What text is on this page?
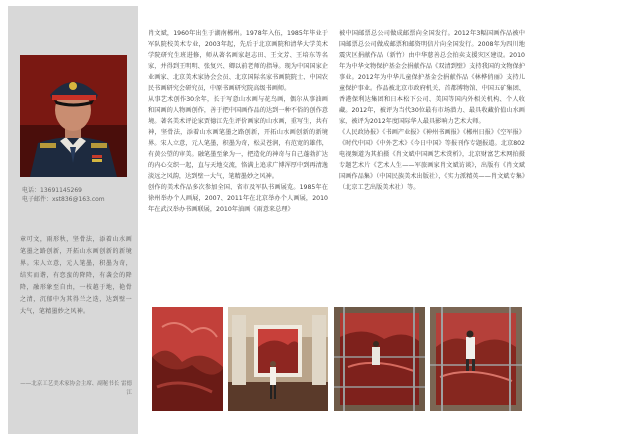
电话：13691145269
电子邮件：xst836@163.com
章可文，雨形秋，坚骨法，添着山水画笔墨之路创新，开拓山水画创新的新境界。宋人立意，元人笔墨，积墨为奇，结实而谐，有恋蛮的降降，有袭会的降降，融形象至自由，一枝越于地，艳骨之清，沉郁中为其得兰之迭，达到壁一大气，笔精墨妙之风神。
——北京工艺美术家协会主席、副秘书长 雷德江

肖文斌，1960年出生于湖南郴州。1978年入伍，1985年毕业于军队院校美术专业，2003年起，先后于北京画院和清华大学美术学院研究生班进修，师从著名画家赵志田、王文芳、王培东等名家，并得到王明明、张复兴、卿以前老师的指导。现为中国国家企业画家、北京美术家协会会员、北京国际名家书画院院士、中国农民书画研究会研究员，中原书画研究院高级书画师。

从事艺术创作30余年，长于写意山水画与花鸟画，偶尔从事油画和国画的人物画创作，善于把中国画作品的达到一种不俗的创作意境。著名美术评论家贾德江先生评价画家的山水画，重写生，共有神，坚骨法，添着山水画笔墨之路创新，开拓山水画创新的新境界。宋人立意，元人笔墨，积墨为奇，松灵苍润，有范宽的雄伟，有黄公望的审美。融笔墨至象为一，把造化的神奇与自己蓬勃扩达的内心交织一起，直与天地交流，恪满上追求广博浑厚中到再清逸淡远之风韵，达到壁一大气，笔精墨妙之风神。

创作的美术作品多次参加全国、省市及军队书画展览。1985年在徐州举办个人画展，2007、2011年在北京举办个人画展，2010年在武汉举办书画联展，2010年油画《雨意来总理》

被中国邮票总公司做成邮票向全国发行。2012年3幅国画作品被中国邮票总公司做成邮票和邮资明信片向全国发行。2008年为四川地震灾区捐献作品（新竹）由中华慈善总会拍卖支援灾区建设。2010年为中华文物保护基金会捐献作品《双清到壁》支持我国的文物保护事业。2012年为中华儿童保护基金会捐献作品《林桦俏丽》支持儿童保护事业。作品被北京市政府机关、首都博物馆、中国五矿集团、香港保利达集团和日本松下公司、美国等国内外相关机构、个人收藏。2012年，被评为当代30位最有市场潜力、最具收藏价值山水画家，被评为2012年度国际华人最具影响力艺术大师。

《人民政协报》《书画产业报》《神州书画报》《郴州日报》《空军报》《时代中国》《中外艺术》《今日中国》等报刊作专题报道。北京802电视频道为其拍摄《肖文斌中国画艺术赏析》，北京财富艺术网拍摄专题艺术片《艺术人生——军旅画家肖文斌访谈》，出版有《肖文斌国画作品集》（中国民族美术出版社），《实力派精英——肖文斌专集》（北京工艺出版美术社）等。
